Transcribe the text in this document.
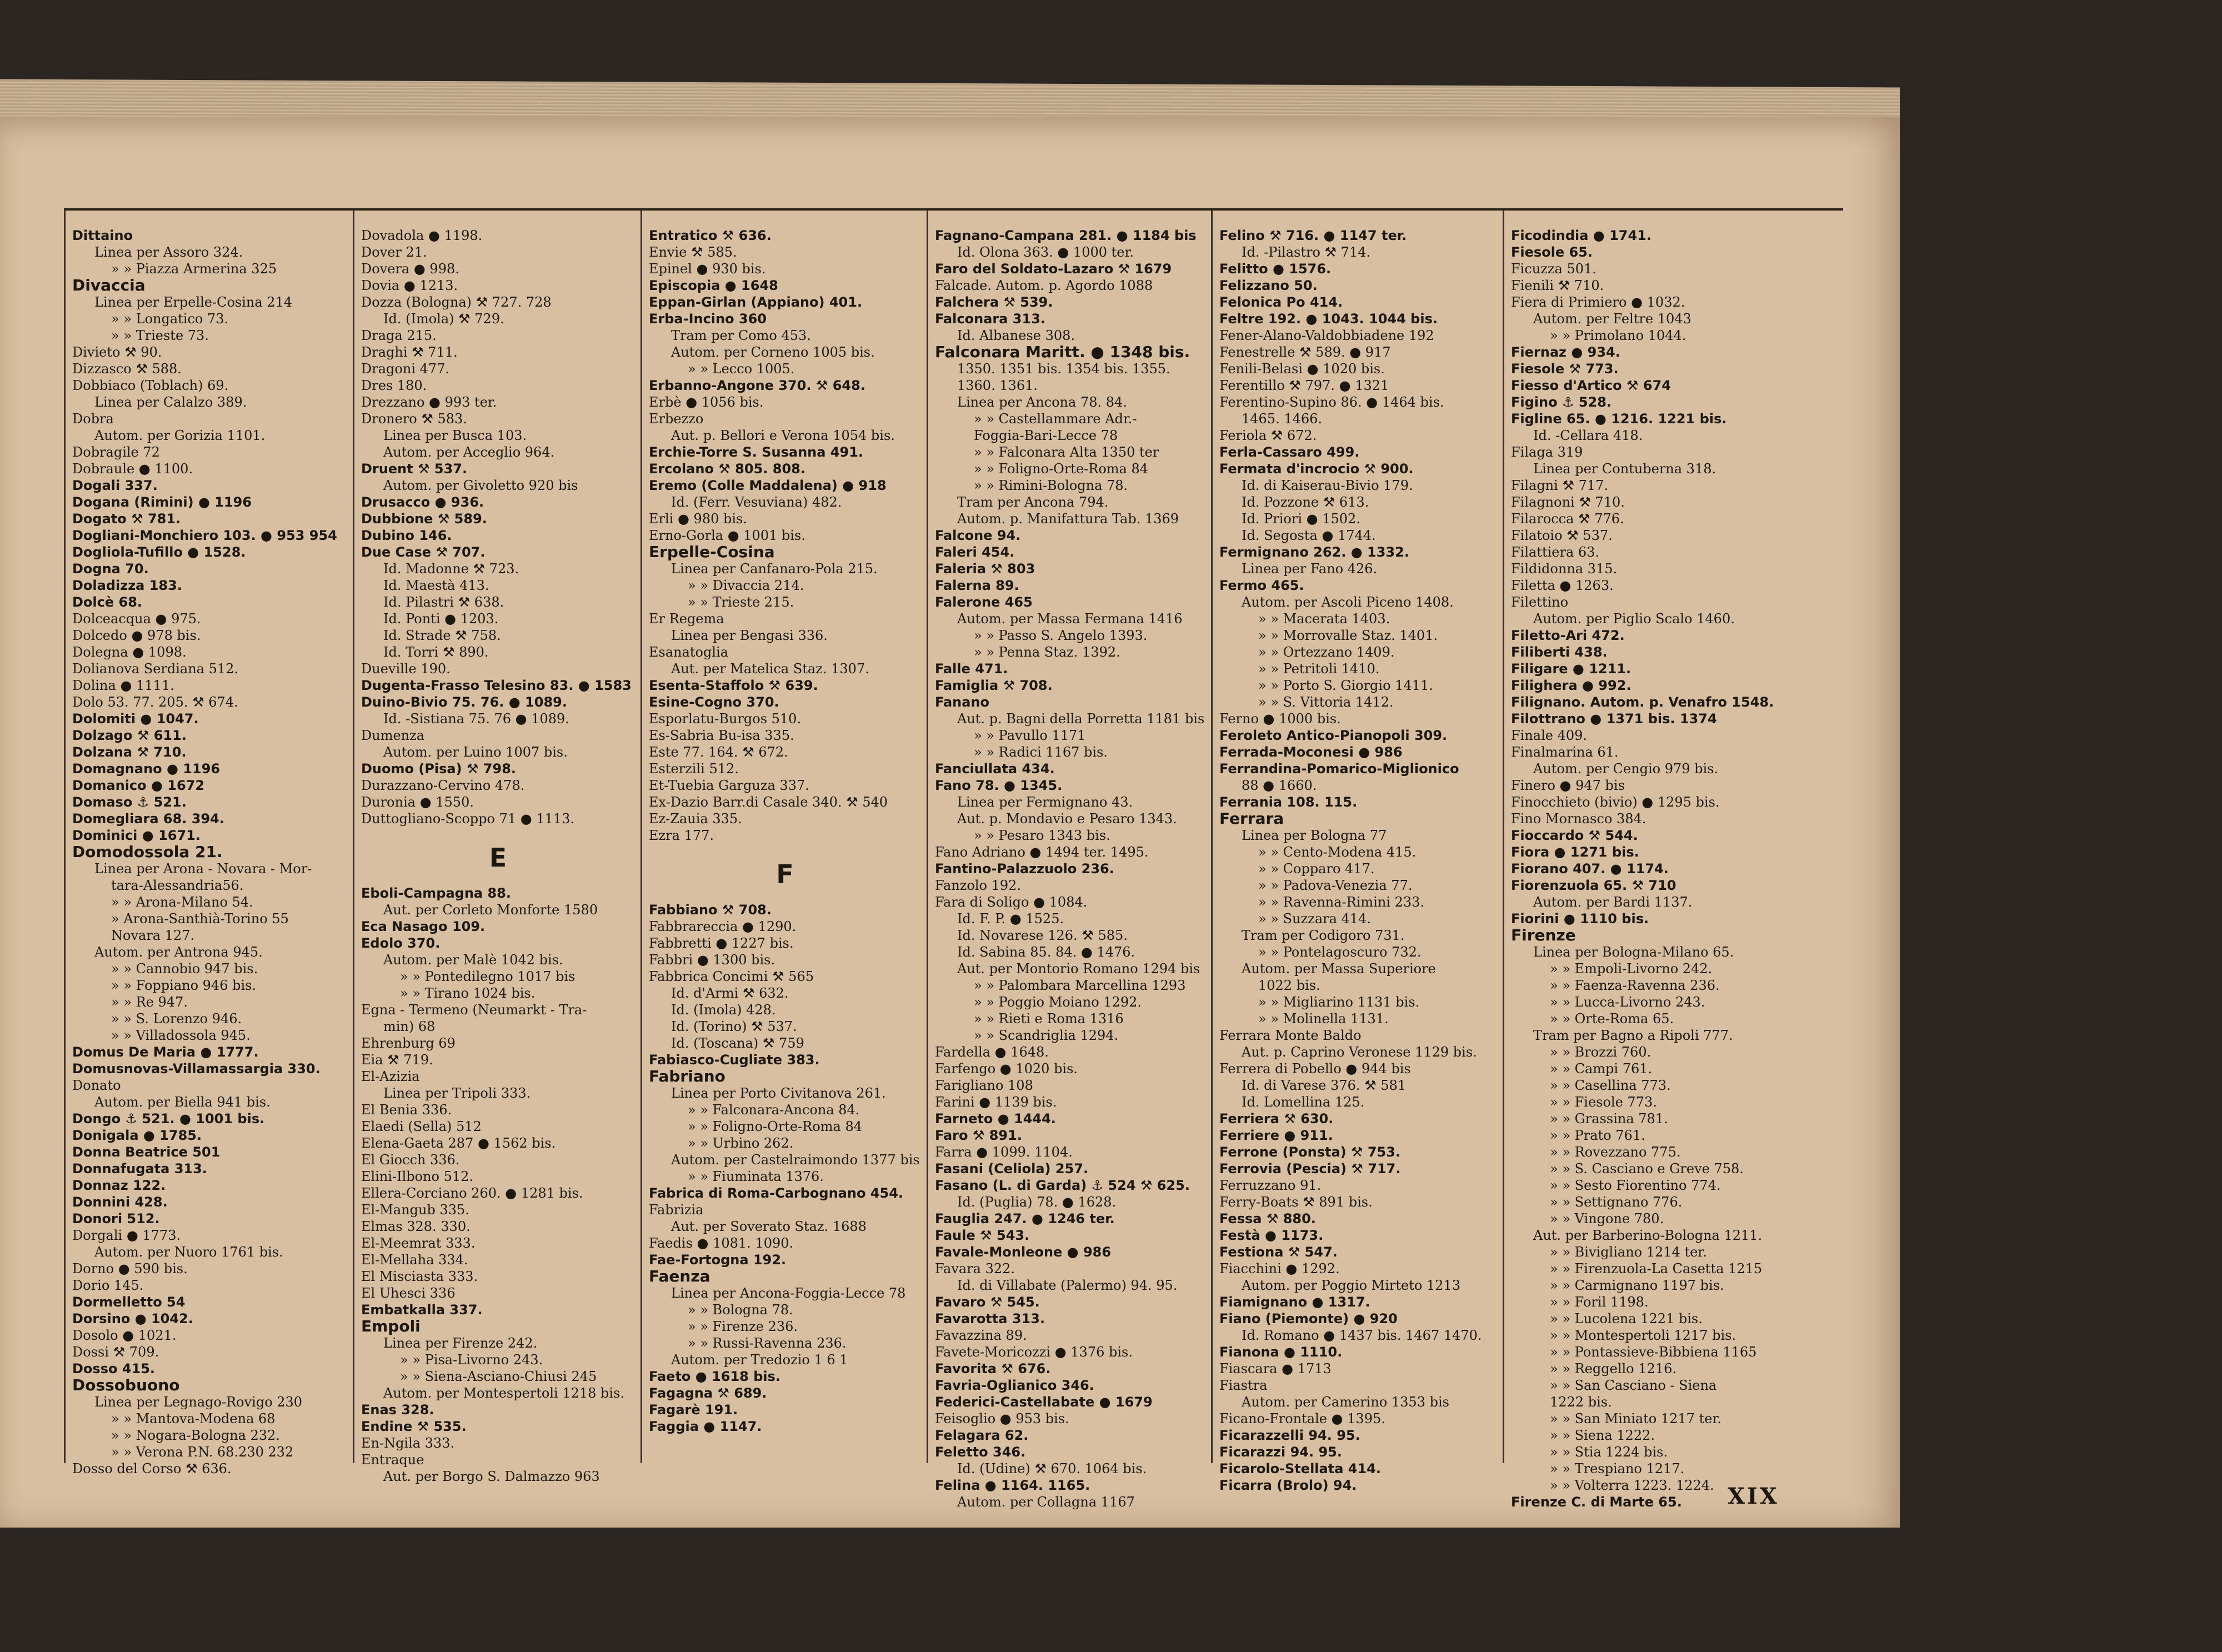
Dittaino
Linea per Assoro 324.
» » Piazza Armerina 325
Divaccia
Linea per Erpelle-Cosina 214
» » Longatico 73.
» » Trieste 73.
Divieto ⚒ 90.
Dizzasco ⚒ 588.
Dobbiaco (Toblach) 69.
Linea per Calalzo 389.
Dobra
Autom. per Gorizia 1101.
Dobragile 72
Dobraule ● 1100.
Dogali 337.
Dogana (Rimini) ● 1196
Dogato ⚒ 781.
Dogliani-Monchiero 103. ● 953 954
Dogliola-Tufillo ● 1528.
Dogna 70.
Doladizza 183.
Dolcè 68.
Dolceacqua ● 975.
Dolcedo ● 978 bis.
Dolegna ● 1098.
Dolianova Serdiana 512.
Dolina ● 1111.
Dolo 53. 77. 205. ⚒ 674.
Dolomiti ● 1047.
Dolzago ⚒ 611.
Dolzana ⚒ 710.
Domagnano ● 1196
Domanico ● 1672
Domaso ⚓ 521.
Domegliara 68. 394.
Dominici ● 1671.
Domodossola 21.
Linea per Arona - Novara - Mor-
tara-Alessandria56.
» » Arona-Milano 54.
» Arona-Santhià-Torino 55
Novara 127.
Autom. per Antrona 945.
» » Cannobio 947 bis.
» » Foppiano 946 bis.
» » Re 947.
» » S. Lorenzo 946.
» » Villadossola 945.
Domus De Maria ● 1777.
Domusnovas-Villamassargia 330.
Donato
Autom. per Biella 941 bis.
Dongo ⚓ 521. ● 1001 bis.
Donigala ● 1785.
Donna Beatrice 501
Donnafugata 313.
Donnaz 122.
Donnini 428.
Donori 512.
Dorgali ● 1773.
Autom. per Nuoro 1761 bis.
Dorno ● 590 bis.
Dorio 145.
Dormelletto 54
Dorsino ● 1042.
Dosolo ● 1021.
Dossi ⚒ 709.
Dosso 415.
Dossobuono
Linea per Legnago-Rovigo 230
» » Mantova-Modena 68
» » Nogara-Bologna 232.
» » Verona P.N. 68.230 232
Dosso del Corso ⚒ 636.
Dovadola ● 1198.
Dover 21.
Dovera ● 998.
Dovia ● 1213.
Dozza (Bologna) ⚒ 727. 728
Id. (Imola) ⚒ 729.
Draga 215.
Draghi ⚒ 711.
Dragoni 477.
Dres 180.
Drezzano ● 993 ter.
Dronero ⚒ 583.
Linea per Busca 103.
Autom. per Acceglio 964.
Druent ⚒ 537.
Autom. per Givoletto 920 bis
Drusacco ● 936.
Dubbione ⚒ 589.
Dubino 146.
Due Case ⚒ 707.
Id. Madonne ⚒ 723.
Id. Maestà 413.
Id. Pilastri ⚒ 638.
Id. Ponti ● 1203.
Id. Strade ⚒ 758.
Id. Torri ⚒ 890.
Dueville 190.
Dugenta-Frasso Telesino 83. ● 1583
Duino-Bivio 75. 76. ● 1089.
Id. -Sistiana 75. 76 ● 1089.
Dumenza
Autom. per Luino 1007 bis.
Duomo (Pisa) ⚒ 798.
Durazzano-Cervino 478.
Duronia ● 1550.
Duttogliano-Scoppo 71 ● 1113.
E
Eboli-Campagna 88.
Aut. per Corleto Monforte 1580
Eca Nasago 109.
Edolo 370.
Autom. per Malè 1042 bis.
» » Pontedilegno 1017 bis
» » Tirano 1024 bis.
Egna - Termeno (Neumarkt - Tra-
min) 68
Ehrenburg 69
Eia ⚒ 719.
El-Azizia
Linea per Tripoli 333.
El Benia 336.
Elaedi (Sella) 512
Elena-Gaeta 287 ● 1562 bis.
El Giocch 336.
Elini-Ilbono 512.
Ellera-Corciano 260. ● 1281 bis.
El-Mangub 335.
Elmas 328. 330.
El-Meemrat 333.
El-Mellaha 334.
El Misciasta 333.
El Uhesci 336
Embatkalla 337.
Empoli
Linea per Firenze 242.
» » Pisa-Livorno 243.
» » Siena-Asciano-Chiusi 245
Autom. per Montespertoli 1218 bis.
Enas 328.
Endine ⚒ 535.
En-Ngila 333.
Entraque
Aut. per Borgo S. Dalmazzo 963
Entratico ⚒ 636.
Envie ⚒ 585.
Epinel ● 930 bis.
Episcopia ● 1648
Eppan-Girlan (Appiano) 401.
Erba-Incino 360
Tram per Como 453.
Autom. per Corneno 1005 bis.
» » Lecco 1005.
Erbanno-Angone 370. ⚒ 648.
Erbè ● 1056 bis.
Erbezzo
Aut. p. Bellori e Verona 1054 bis.
Erchie-Torre S. Susanna 491.
Ercolano ⚒ 805. 808.
Eremo (Colle Maddalena) ● 918
Id. (Ferr. Vesuviana) 482.
Erli ● 980 bis.
Erno-Gorla ● 1001 bis.
Erpelle-Cosina
Linea per Canfanaro-Pola 215.
» » Divaccia 214.
» » Trieste 215.
Er Regema
Linea per Bengasi 336.
Esanatoglia
Aut. per Matelica Staz. 1307.
Esenta-Staffolo ⚒ 639.
Esine-Cogno 370.
Esporlatu-Burgos 510.
Es-Sabria Bu-isa 335.
Este 77. 164. ⚒ 672.
Esterzili 512.
Et-Tuebia Garguza 337.
Ex-Dazio Barr.di Casale 340. ⚒ 540
Ez-Zauia 335.
Ezra 177.
F
Fabbiano ⚒ 708.
Fabbrareccia ● 1290.
Fabbretti ● 1227 bis.
Fabbri ● 1300 bis.
Fabbrica Concimi ⚒ 565
Id. d'Armi ⚒ 632.
Id. (Imola) 428.
Id. (Torino) ⚒ 537.
Id. (Toscana) ⚒ 759
Fabiasco-Cugliate 383.
Fabriano
Linea per Porto Civitanova 261.
» » Falconara-Ancona 84.
» » Foligno-Orte-Roma 84
» » Urbino 262.
Autom. per Castelraimondo 1377 bis
» » Fiuminata 1376.
Fabrica di Roma-Carbognano 454.
Fabrizia
Aut. per Soverato Staz. 1688
Faedis ● 1081. 1090.
Fae-Fortogna 192.
Faenza
Linea per Ancona-Foggia-Lecce 78
» » Bologna 78.
» » Firenze 236.
» » Russi-Ravenna 236.
Autom. per Tredozio 1 6 1
Faeto ● 1618 bis.
Fagagna ⚒ 689.
Fagarè 191.
Faggia ● 1147.
Fagnano-Campana 281. ● 1184 bis
Id. Olona 363. ● 1000 ter.
Faro del Soldato-Lazaro ⚒ 1679
Falcade. Autom. p. Agordo 1088
Falchera ⚒ 539.
Falconara 313.
Id. Albanese 308.
Falconara Maritt. ● 1348 bis.
1350. 1351 bis. 1354 bis. 1355.
1360. 1361.
Linea per Ancona 78. 84.
» » Castellammare Adr.-
Foggia-Bari-Lecce 78
» » Falconara Alta 1350 ter
» » Foligno-Orte-Roma 84
» » Rimini-Bologna 78.
Tram per Ancona 794.
Autom. p. Manifattura Tab. 1369
Falcone 94.
Faleri 454.
Faleria ⚒ 803
Falerna 89.
Falerone 465
Autom. per Massa Fermana 1416
» » Passo S. Angelo 1393.
» » Penna Staz. 1392.
Falle 471.
Famiglia ⚒ 708.
Fanano
Aut. p. Bagni della Porretta 1181 bis
» » Pavullo 1171
» » Radici 1167 bis.
Fanciullata 434.
Fano 78. ● 1345.
Linea per Fermignano 43.
Aut. p. Mondavio e Pesaro 1343.
» » Pesaro 1343 bis.
Fano Adriano ● 1494 ter. 1495.
Fantino-Palazzuolo 236.
Fanzolo 192.
Fara di Soligo ● 1084.
Id. F. P. ● 1525.
Id. Novarese 126. ⚒ 585.
Id. Sabina 85. 84. ● 1476.
Aut. per Montorio Romano 1294 bis
» » Palombara Marcellina 1293
» » Poggio Moiano 1292.
» » Rieti e Roma 1316
» » Scandriglia 1294.
Fardella ● 1648.
Farfengo ● 1020 bis.
Farigliano 108
Farini ● 1139 bis.
Farneto ● 1444.
Faro ⚒ 891.
Farra ● 1099. 1104.
Fasani (Celiola) 257.
Fasano (L. di Garda) ⚓ 524 ⚒ 625.
Id. (Puglia) 78. ● 1628.
Faugliа 247. ● 1246 ter.
Faule ⚒ 543.
Favale-Monleone ● 986
Favara 322.
Id. di Villabate (Palermo) 94. 95.
Favaro ⚒ 545.
Favarotta 313.
Favazzina 89.
Favete-Moricozzi ● 1376 bis.
Favorita ⚒ 676.
Favria-Oglianico 346.
Federici-Castellabate ● 1679
Feisoglio ● 953 bis.
Felagara 62.
Feletto 346.
Id. (Udine) ⚒ 670. 1064 bis.
Felina ● 1164. 1165.
Autom. per Collagna 1167
Felino ⚒ 716. ● 1147 ter.
Id. -Pilastro ⚒ 714.
Felitto ● 1576.
Felizzano 50.
Felonica Po 414.
Feltre 192. ● 1043. 1044 bis.
Fener-Alano-Valdobbiadene 192
Fenestrelle ⚒ 589. ● 917
Fenili-Belasi ● 1020 bis.
Ferentillo ⚒ 797. ● 1321
Ferentino-Supino 86. ● 1464 bis.
1465. 1466.
Feriola ⚒ 672.
Ferla-Cassaro 499.
Fermata d'incrocio ⚒ 900.
Id. di Kaiserau-Bivio 179.
Id. Pozzone ⚒ 613.
Id. Priori ● 1502.
Id. Segosta ● 1744.
Fermignano 262. ● 1332.
Linea per Fano 426.
Fermo 465.
Autom. per Ascoli Piceno 1408.
» » Macerata 1403.
» » Morrovalle Staz. 1401.
» » Ortezzano 1409.
» » Petritoli 1410.
» » Porto S. Giorgio 1411.
» » S. Vittoria 1412.
Ferno ● 1000 bis.
Feroleto Antico-Pianopoli 309.
Ferrada-Moconesi ● 986
Ferrandina-Pomarico-Miglionico
88 ● 1660.
Ferrania 108. 115.
Ferrara
Linea per Bologna 77
» » Cento-Modena 415.
» » Copparo 417.
» » Padova-Venezia 77.
» » Ravenna-Rimini 233.
» » Suzzara 414.
Tram per Codigoro 731.
» » Pontelagoscuro 732.
Autom. per Massa Superiore
1022 bis.
» » Migliarino 1131 bis.
» » Molinella 1131.
Ferrara Monte Baldo
Aut. p. Caprino Veronese 1129 bis.
Ferrera di Pobello ● 944 bis
Id. di Varese 376. ⚒ 581
Id. Lomellina 125.
Ferriera ⚒ 630.
Ferriere ● 911.
Ferrone (Ponsta) ⚒ 753.
Ferrovia (Pescia) ⚒ 717.
Ferruzzano 91.
Ferry-Boats ⚒ 891 bis.
Fessa ⚒ 880.
Festà ● 1173.
Festiona ⚒ 547.
Fiacchini ● 1292.
Autom. per Poggio Mirteto 1213
Fiamignano ● 1317.
Fiano (Piemonte) ● 920
Id. Romano ● 1437 bis. 1467 1470.
Fianona ● 1110.
Fiascara ● 1713
Fiastra
Autom. per Camerino 1353 bis
Ficano-Frontale ● 1395.
Ficarazzelli 94. 95.
Ficarazzi 94. 95.
Ficarolo-Stellata 414.
Ficarra (Brolo) 94.
Ficodindia ● 1741.
Fiesole 65.
Ficuzza 501.
Fienili ⚒ 710.
Fiera di Primiero ● 1032.
Autom. per Feltre 1043
» » Primolano 1044.
Fiernaz ● 934.
Fiesole ⚒ 773.
Fiesso d'Artico ⚒ 674
Figino ⚓ 528.
Figline 65. ● 1216. 1221 bis.
Id. -Cellara 418.
Filaga 319
Linea per Contuberna 318.
Filagni ⚒ 717.
Filagnoni ⚒ 710.
Filarocca ⚒ 776.
Filatoio ⚒ 537.
Filattiera 63.
Fildidonna 315.
Filetta ● 1263.
Filettino
Autom. per Piglio Scalo 1460.
Filetto-Ari 472.
Filiberti 438.
Filigare ● 1211.
Filighera ● 992.
Filignano. Autom. p. Venafro 1548.
Filottrano ● 1371 bis. 1374
Finale 409.
Finalmarina 61.
Autom. per Cengio 979 bis.
Finero ● 947 bis
Finocchieto (bivio) ● 1295 bis.
Fino Mornasco 384.
Fioccardo ⚒ 544.
Fiora ● 1271 bis.
Fiorano 407. ● 1174.
Fiorenzuola 65. ⚒ 710
Autom. per Bardi 1137.
Fiorini ● 1110 bis.
Firenze
Linea per Bologna-Milano 65.
» » Empoli-Livorno 242.
» » Faenza-Ravenna 236.
» » Lucca-Livorno 243.
» » Orte-Roma 65.
Tram per Bagno a Ripoli 777.
» » Brozzi 760.
» » Campi 761.
» » Casellina 773.
» » Fiesole 773.
» » Grassina 781.
» » Prato 761.
» » Rovezzano 775.
» » S. Casciano e Greve 758.
» » Sesto Fiorentino 774.
» » Settignano 776.
» » Vingone 780.
Aut. per Barberino-Bologna 1211.
» » Bivigliano 1214 ter.
» » Firenzuola-La Casetta 1215
» » Carmignano 1197 bis.
» » Foril 1198.
» » Lucolena 1221 bis.
» » Montespertoli 1217 bis.
» » Pontassieve-Bibbiena 1165
» » Reggello 1216.
» » San Casciano - Siena
1222 bis.
» » San Miniato 1217 ter.
» » Siena 1222.
» » Stia 1224 bis.
» » Trespiano 1217.
» » Volterra 1223. 1224.
Firenze C. di Marte 65.	XIX
